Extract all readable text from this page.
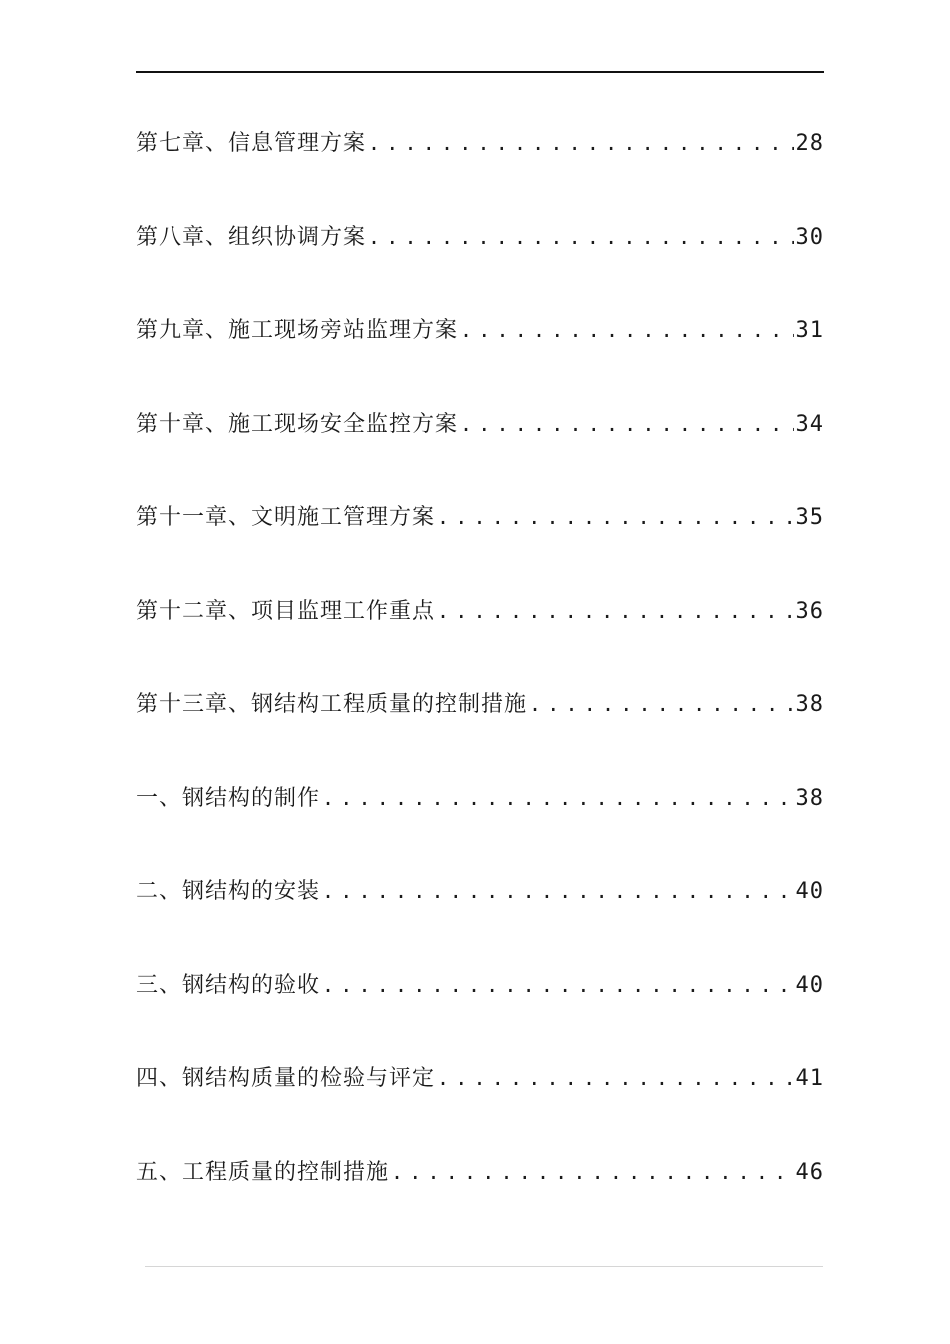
第七章、信息管理方案 .....	28
第八章、组织协调方案 .....	30
第九章、施工现场旁站监理方案 .....	31
第十章、施工现场安全监控方案 .....	34
第十一章、文明施工管理方案 .....	35
第十二章、项目监理工作重点 .....	36
第十三章、钢结构工程质量的控制措施 .....	38
一、钢结构的制作 .....	38
二、钢结构的安装 .....	40
三、钢结构的验收 .....	40
四、钢结构质量的检验与评定 .....	41
五、工程质量的控制措施 .....	46
